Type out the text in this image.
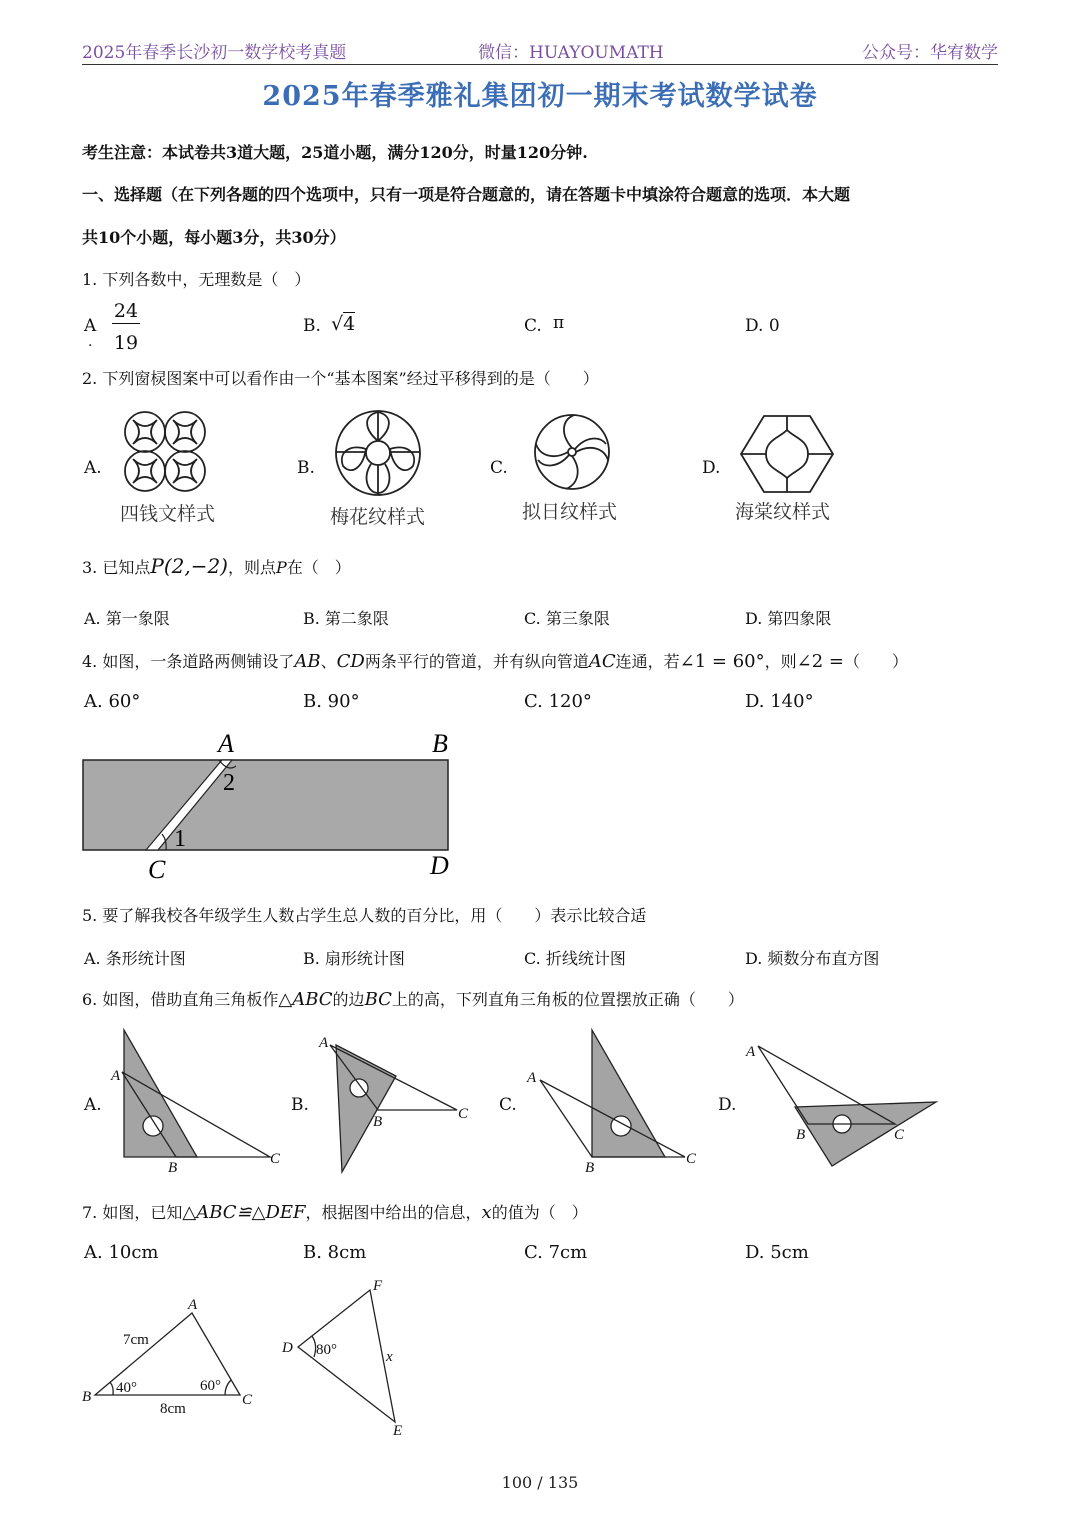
2025年春季长沙初一数学校考真题	微信：HUAYOUMATH	公众号：华宥数学
2025年春季雅礼集团初一期末考试数学试卷
考生注意：本试卷共3道大题，25道小题，满分120分，时量120分钟.
一、选择题（在下列各题的四个选项中，只有一项是符合题意的，请在答题卡中填涂符合题意的选项．本大题
共10个小题，每小题3分，共30分）
1. 下列各数中，无理数是（　）
A
.
24
19
B. √4	C. π	D. 0
2. 下列窗棂图案中可以看作由一个“基本图案”经过平移得到的是（　　）
A.	B.	C.	D.
四钱文样式	梅花纹样式	拟日纹样式	海棠纹样式
3. 已知点P(2,−2)，则点P在（　）
A. 第一象限	B. 第二象限	C. 第三象限	D. 第四象限
4. 如图，一条道路两侧铺设了AB、CD两条平行的管道，并有纵向管道AC连通，若∠1 = 60°，则∠2 =（　　）
A. 60°	B. 90°	C. 120°	D. 140°
A	B
C	D
2
1
5. 要了解我校各年级学生人数占学生总人数的百分比，用（　　）表示比较合适
A. 条形统计图	B. 扇形统计图	C. 折线统计图	D. 频数分布直方图
6. 如图，借助直角三角板作△ABC的边BC上的高，下列直角三角板的位置摆放正确（　　）
A.	B.	C.	D.
A
B
C
A
B	C
A
B
C
A
B	C
7. 如图，已知△ABC≌△DEF，根据图中给出的信息，x的值为（　）
A. 10cm	B. 8cm	C. 7cm	D. 5cm
B
A
C
7cm
8cm
40°	60°
D
F
E
80°	x
100 / 135
